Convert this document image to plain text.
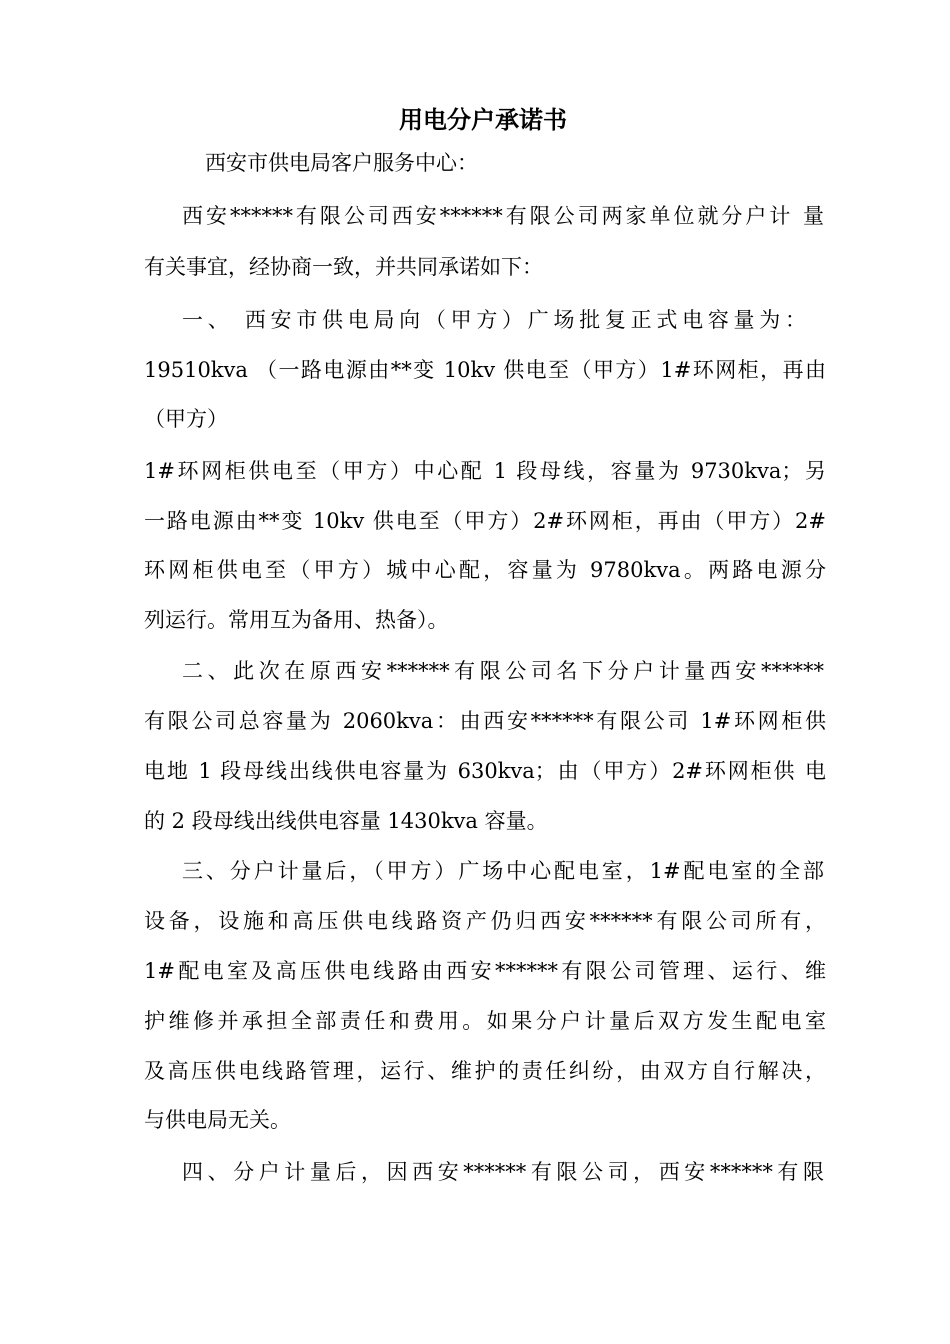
用电分户承诺书
西安市供电局客户服务中心：
西安******有限公司西安******有限公司两家单位就分户计 量
有关事宜，经协商一致，并共同承诺如下：
一、 西安市供电局向（甲方）广场批复正式电容量为：
19510kva （一路电源由**变 10kv 供电至（甲方）1#环网柜，再由
（甲方）
1#环网柜供电至（甲方）中心配 1 段母线，容量为 9730kva；另
一路电源由**变 10kv 供电至（甲方）2#环网柜，再由（甲方）2#
环网柜供电至（甲方）城中心配，容量为 9780kva。两路电源分
列运行。常用互为备用、热备）。
二、此次在原西安******有限公司名下分户计量西安******
有限公司总容量为 2060kva：由西安******有限公司 1#环网柜供
电地 1 段母线出线供电容量为 630kva；由（甲方）2#环网柜供 电
的 2 段母线出线供电容量 1430kva 容量。
三、分户计量后，（甲方）广场中心配电室，1#配电室的全部
设备，设施和高压供电线路资产仍归西安******有限公司所有，
1#配电室及高压供电线路由西安******有限公司管理、运行、维
护维修并承担全部责任和费用。如果分户计量后双方发生配电室
及高压供电线路管理，运行、维护的责任纠纷，由双方自行解决，
与供电局无关。
四、分户计量后，因西安******有限公司，西安******有限
